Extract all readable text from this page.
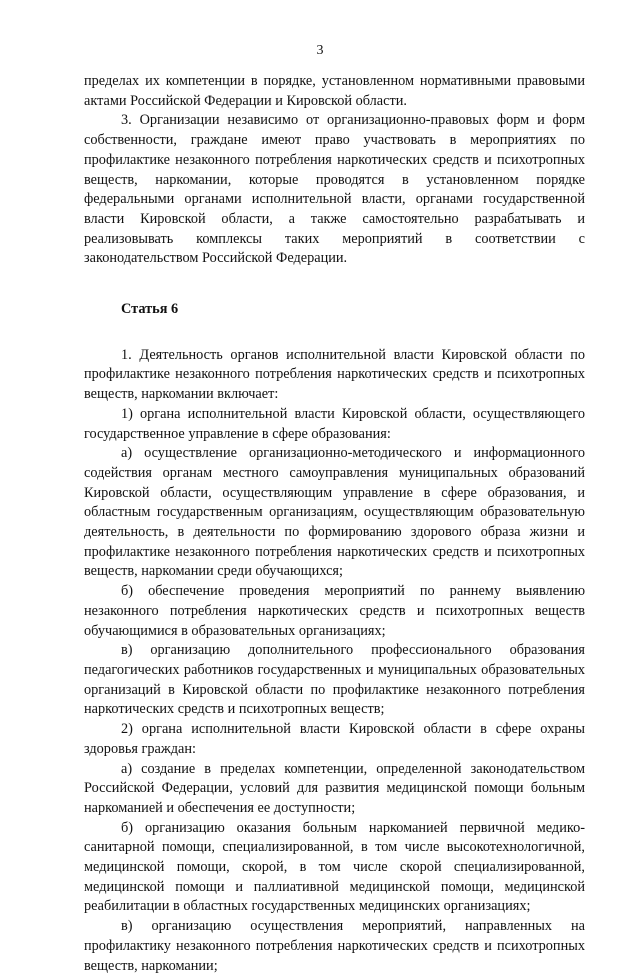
3

пределах их компетенции в порядке, установленном нормативными правовыми актами Российской Федерации и Кировской области.

3. Организации независимо от организационно-правовых форм и форм собственности, граждане имеют право участвовать в мероприятиях по профилактике незаконного потребления наркотических средств и психотропных веществ, наркомании, которые проводятся в установленном порядке федеральными органами исполнительной власти, органами государственной власти Кировской области, а также самостоятельно разрабатывать и реализовывать комплексы таких мероприятий в соответствии с законодательством Российской Федерации.

Статья 6

1. Деятельность органов исполнительной власти Кировской области по профилактике незаконного потребления наркотических средств и психотропных веществ, наркомании включает:

1) органа исполнительной власти Кировской области, осуществляющего государственное управление в сфере образования:

а) осуществление организационно-методического и информационного содействия органам местного самоуправления муниципальных образований Кировской области, осуществляющим управление в сфере образования, и областным государственным организациям, осуществляющим образовательную деятельность, в деятельности по формированию здорового образа жизни и профилактике незаконного потребления наркотических средств и психотропных веществ, наркомании среди обучающихся;

б) обеспечение проведения мероприятий по раннему выявлению незаконного потребления наркотических средств и психотропных веществ обучающимися в образовательных организациях;

в) организацию дополнительного профессионального образования педагогических работников государственных и муниципальных образовательных организаций в Кировской области по профилактике незаконного потребления наркотических средств и психотропных веществ;

2) органа исполнительной власти Кировской области в сфере охраны здоровья граждан:

а) создание в пределах компетенции, определенной законодательством Российской Федерации, условий для развития медицинской помощи больным наркоманией и обеспечения ее доступности;

б) организацию оказания больным наркоманией первичной медико-санитарной помощи, специализированной, в том числе высокотехнологичной, медицинской помощи, скорой, в том числе скорой специализированной, медицинской помощи и паллиативной медицинской помощи, медицинской реабилитации в областных государственных медицинских организациях;

в) организацию осуществления мероприятий, направленных на профилактику незаконного потребления наркотических средств и психотропных веществ, наркомании;
